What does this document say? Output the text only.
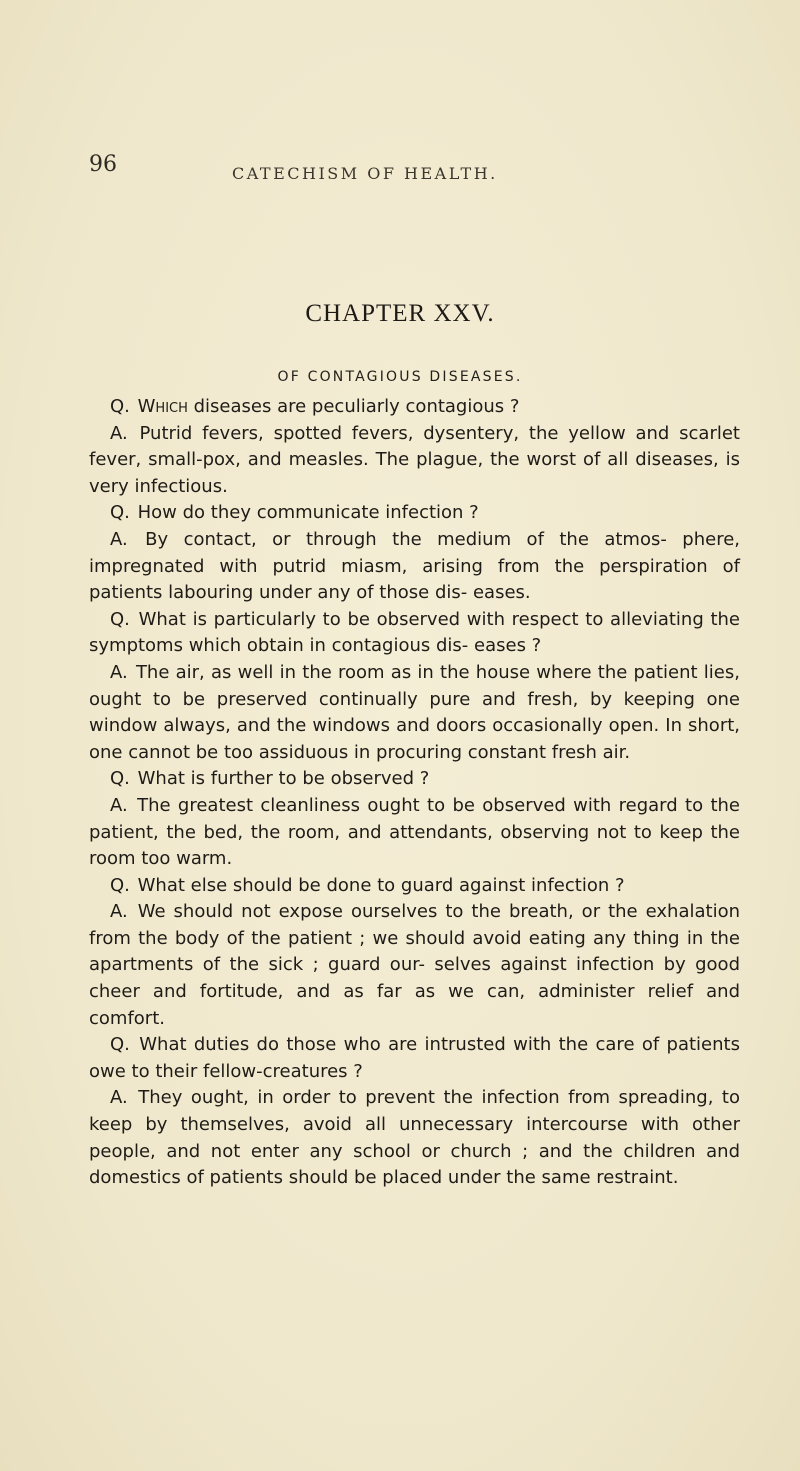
96	CATECHISM OF HEALTH.
CHAPTER XXV.
OF CONTAGIOUS DISEASES.

Q. Which diseases are peculiarly contagious ?

A. Putrid fevers, spotted fevers, dysentery, the yellow and scarlet fever, small-pox, and measles. The plague, the worst of all diseases, is very infectious.

Q. How do they communicate infection ?

A. By contact, or through the medium of the atmos- phere, impregnated with putrid miasm, arising from the perspiration of patients labouring under any of those dis- eases.

Q. What is particularly to be observed with respect to alleviating the symptoms which obtain in contagious dis- eases ?

A. The air, as well in the room as in the house where the patient lies, ought to be preserved continually pure and fresh, by keeping one window always, and the windows and doors occasionally open. In short, one cannot be too assiduous in procuring constant fresh air.

Q. What is further to be observed ?

A. The greatest cleanliness ought to be observed with regard to the patient, the bed, the room, and attendants, observing not to keep the room too warm.

Q. What else should be done to guard against infection ?

A. We should not expose ourselves to the breath, or the exhalation from the body of the patient ; we should avoid eating any thing in the apartments of the sick ; guard our- selves against infection by good cheer and fortitude, and as far as we can, administer relief and comfort.

Q. What duties do those who are intrusted with the care of patients owe to their fellow-creatures ?

A. They ought, in order to prevent the infection from spreading, to keep by themselves, avoid all unnecessary intercourse with other people, and not enter any school or church ; and the children and domestics of patients should be placed under the same restraint.
